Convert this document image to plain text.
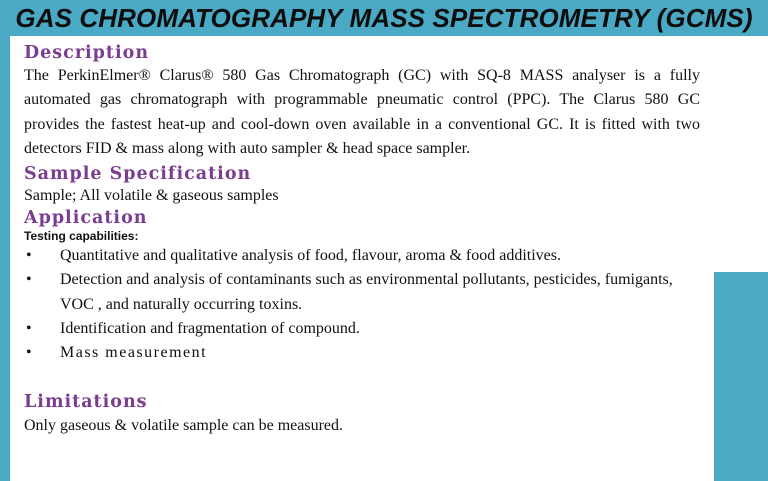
GAS CHROMATOGRAPHY MASS SPECTROMETRY (GCMS)
Description

The PerkinElmer® Clarus® 580 Gas Chromatograph (GC) with SQ-8 MASS analyser is a fully automated gas chromatograph with programmable pneumatic control (PPC). The Clarus 580 GC provides the fastest heat-up and cool-down oven available in a conventional GC. It is fitted with two detectors FID & mass along with auto sampler & head space sampler.

Sample Specification

Sample; All volatile & gaseous samples

Application

Testing capabilities:

• Quantitative and qualitative analysis of food, flavour, aroma & food additives.
• Detection and analysis of contaminants such as environmental pollutants, pesticides, fumigants, VOC , and naturally occurring toxins.
• Identification and fragmentation of compound.
• Mass measurement
Limitations

Only gaseous & volatile sample can be measured.
